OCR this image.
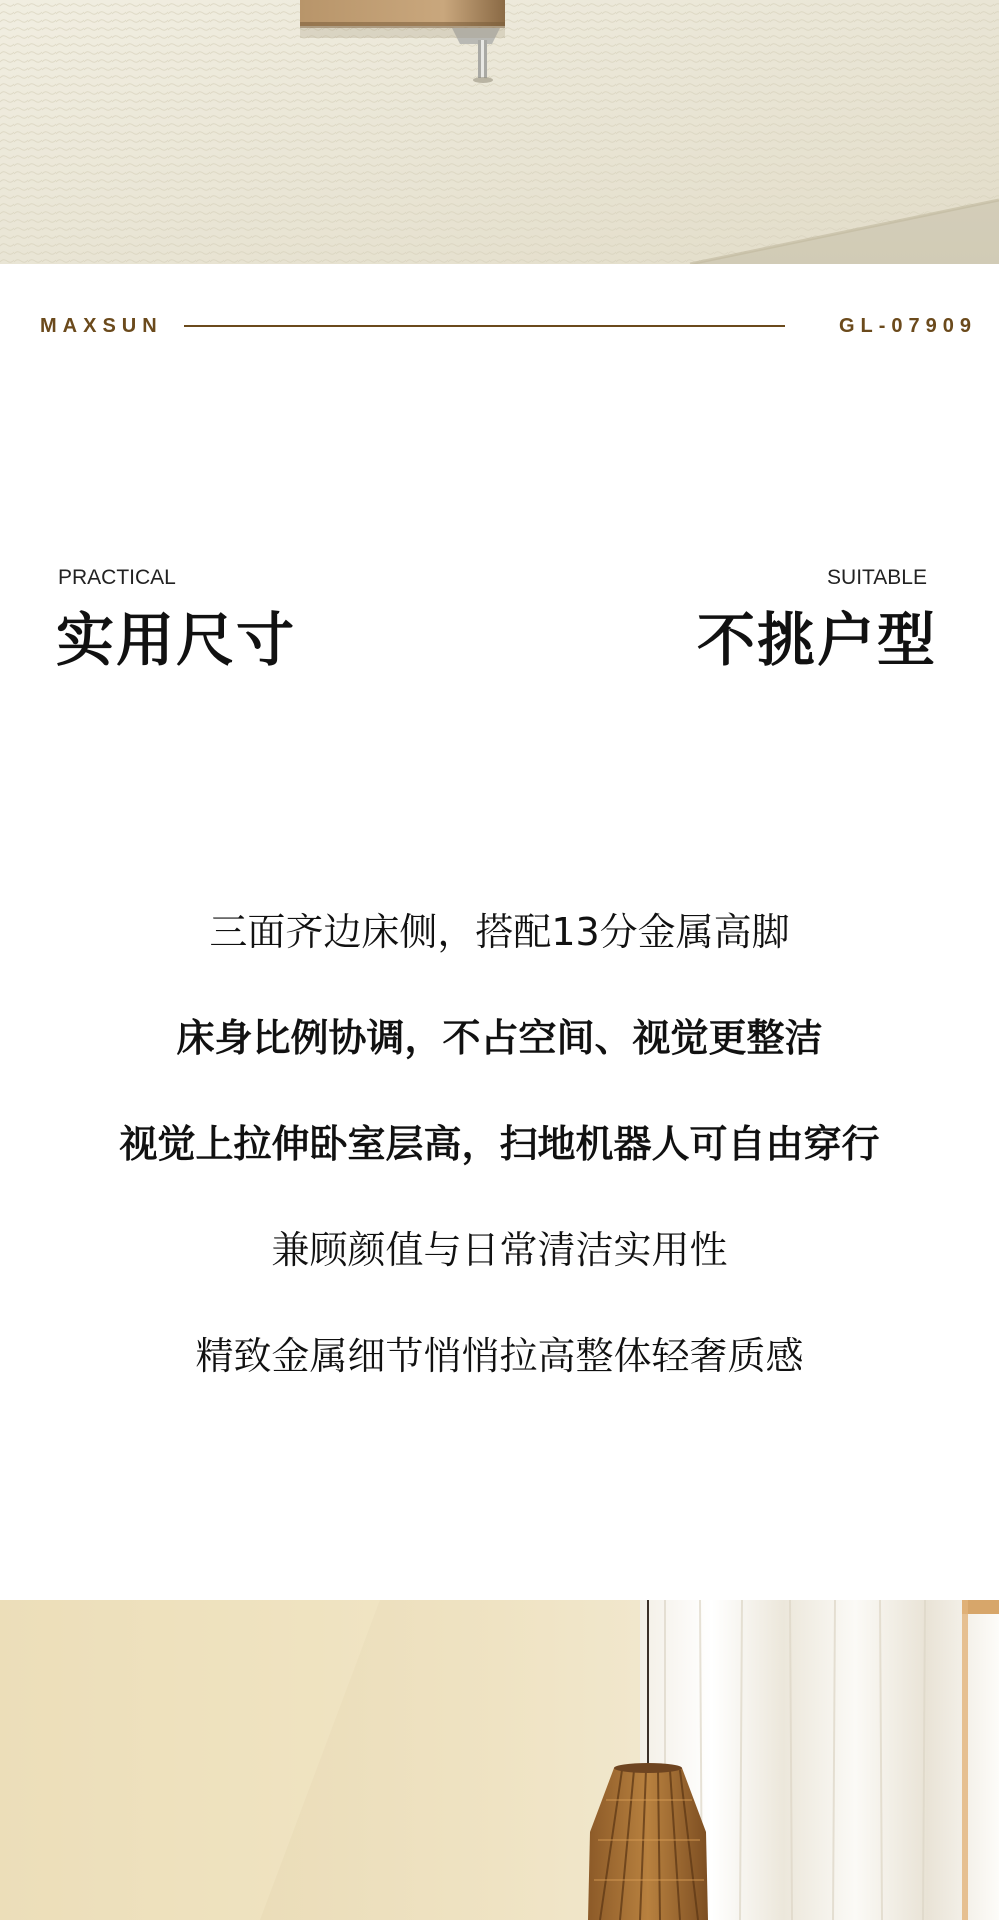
MAXSUN	GL-07909
PRACTICAL
实用尺寸
SUITABLE
不挑户型
三面齐边床侧，搭配13分金属高脚
床身比例协调，不占空间、视觉更整洁
视觉上拉伸卧室层高，扫地机器人可自由穿行
兼顾颜值与日常清洁实用性
精致金属细节悄悄拉高整体轻奢质感
